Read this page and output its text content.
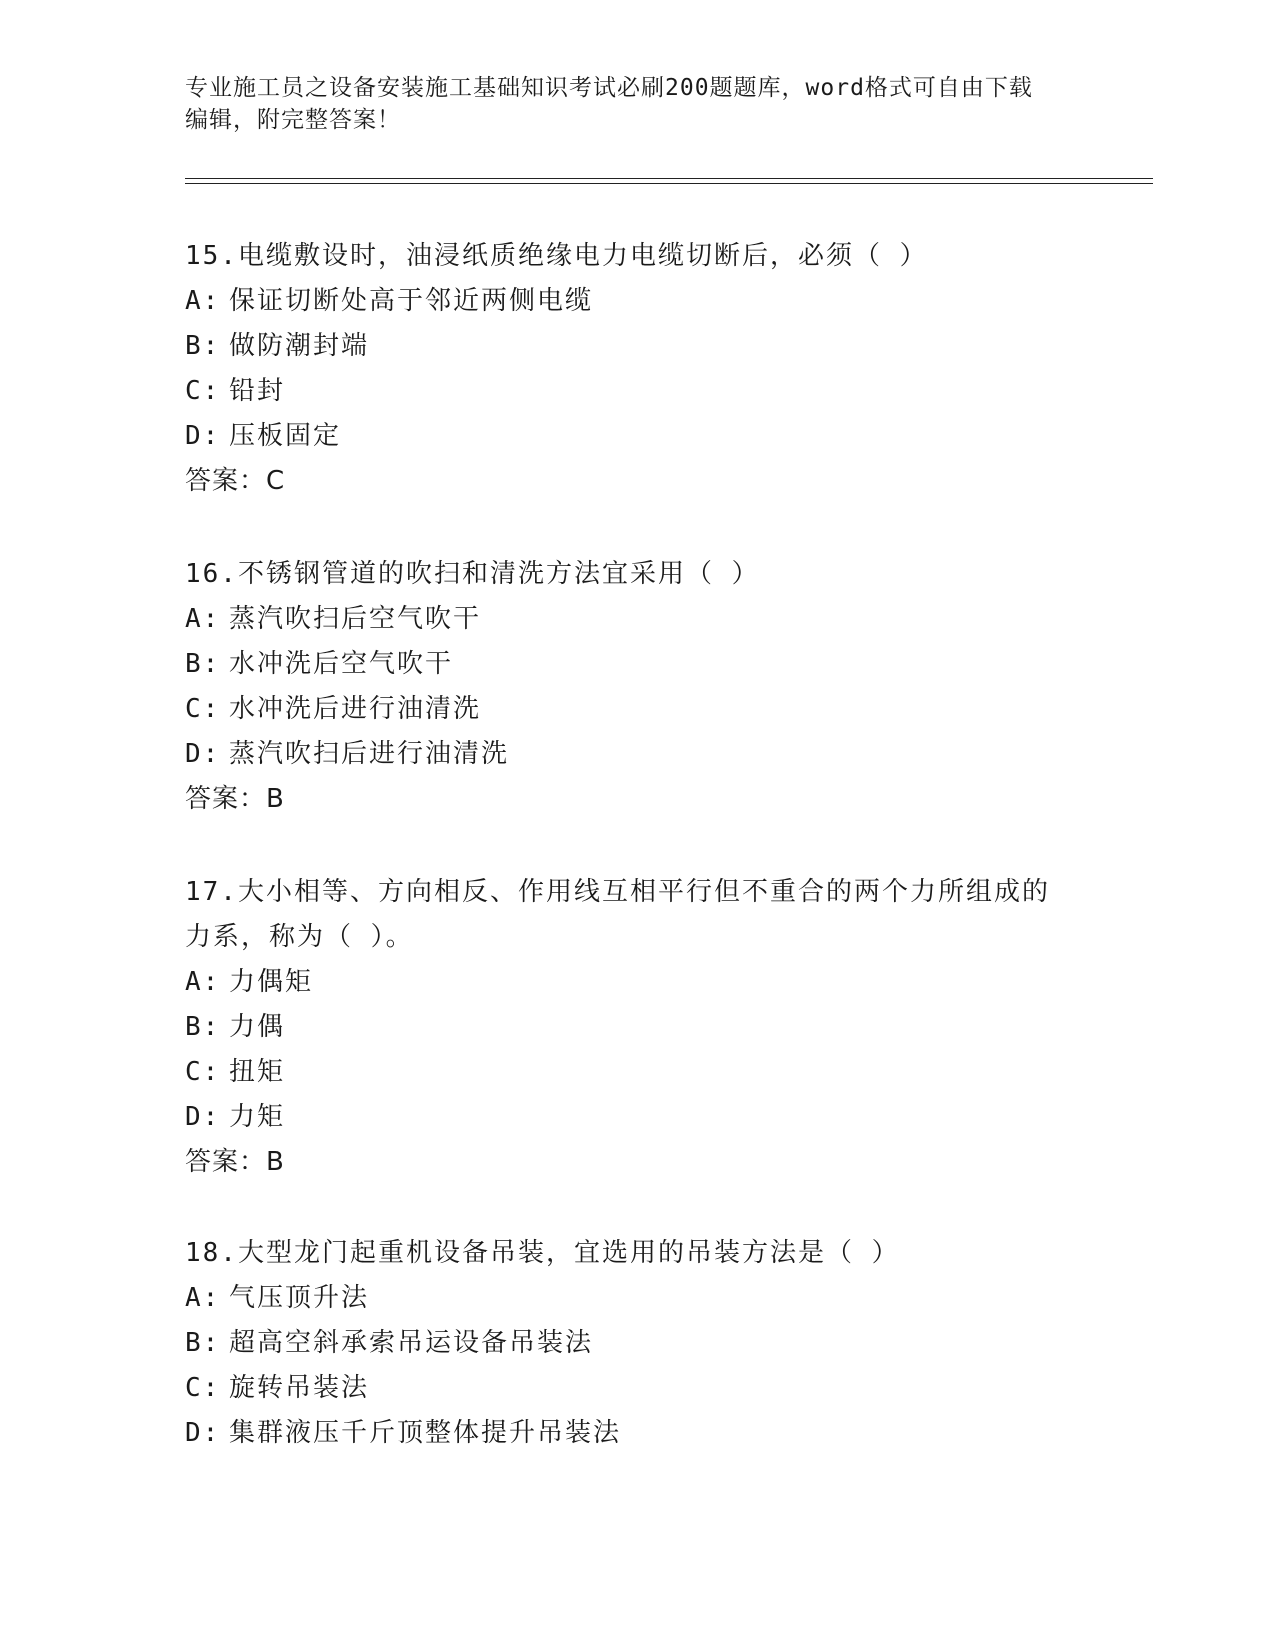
专业施工员之设备安装施工基础知识考试必刷200题题库，word格式可自由下载
编辑，附完整答案！
15.电缆敷设时，油浸纸质绝缘电力电缆切断后，必须（ ）
A: 保证切断处高于邻近两侧电缆
B: 做防潮封端
C: 铅封
D: 压板固定
答案：C
16.不锈钢管道的吹扫和清洗方法宜采用（ ）
A: 蒸汽吹扫后空气吹干
B: 水冲洗后空气吹干
C: 水冲洗后进行油清洗
D: 蒸汽吹扫后进行油清洗
答案：B
17.大小相等、方向相反、作用线互相平行但不重合的两个力所组成的
力系，称为（ ）。
A: 力偶矩
B: 力偶
C: 扭矩
D: 力矩
答案：B
18.大型龙门起重机设备吊装，宜选用的吊装方法是（ ）
A: 气压顶升法
B: 超高空斜承索吊运设备吊装法
C: 旋转吊装法
D: 集群液压千斤顶整体提升吊装法
